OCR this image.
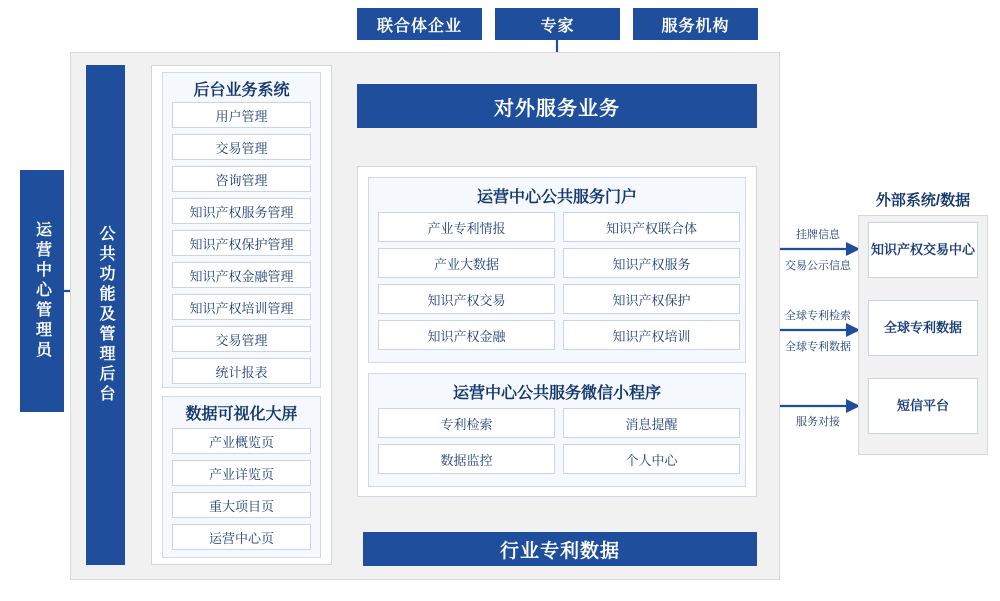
联合体企业	专家	服务机构
运营中心管理员	公共功能及管理后台
后台业务系统
用户管理
交易管理
咨询管理
知识产权服务管理
知识产权保护管理
知识产权金融管理
知识产权培训管理
交易管理
统计报表
数据可视化大屏
产业概览页
产业详览页
重大项目页
运营中心页
对外服务业务
运营中心公共服务门户
产业专利情报	知识产权联合体
产业大数据	知识产权服务
知识产权交易	知识产权保护
知识产权金融	知识产权培训
运营中心公共服务微信小程序
专利检索	消息提醒
数据监控	个人中心
行业专利数据
外部系统/数据
知识产权交易中心
全球专利数据
短信平台
挂牌信息
交易公示信息
全球专利检索
全球专利数据
服务对接
